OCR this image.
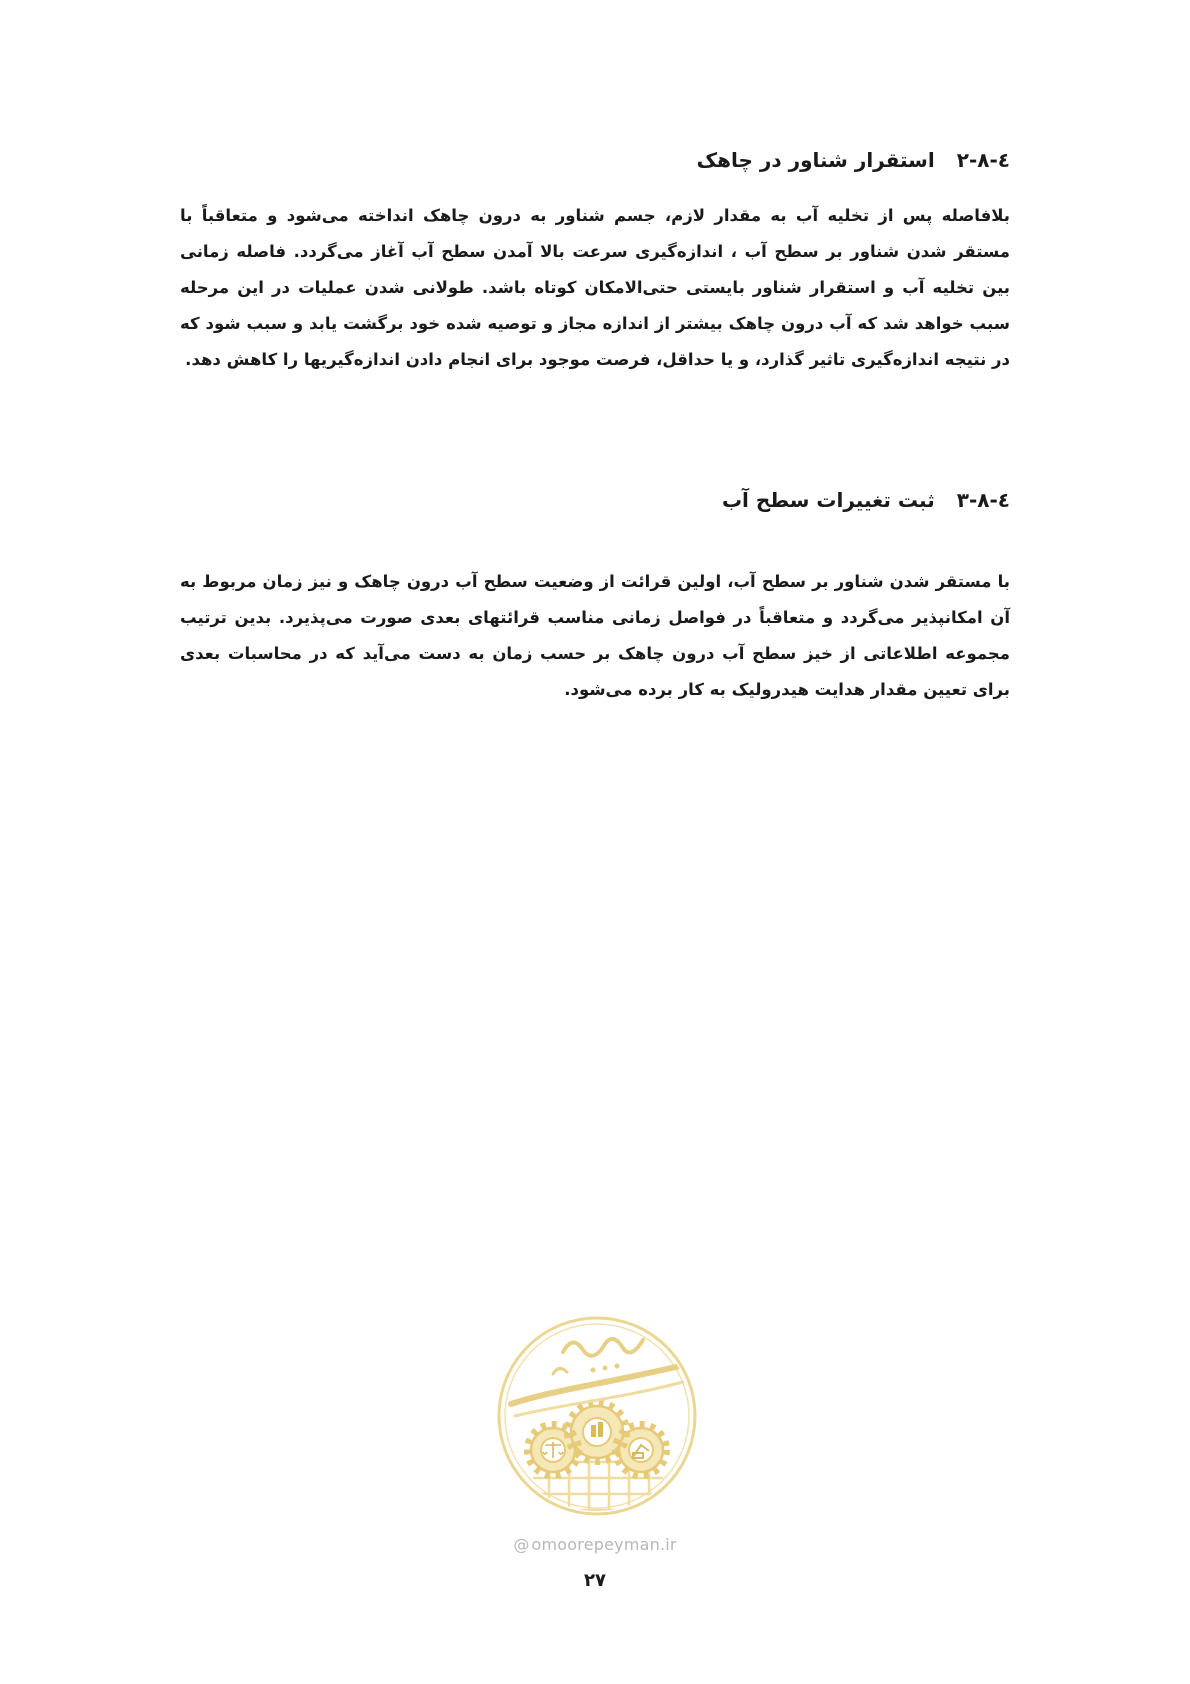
٤-٨-٢استقرار شناور در چاهک
بلافاصله پس از تخلیه آب به مقدار لازم، جسم شناور به درون چاهک انداخته می‌شود و متعاقباً با مستقر شدن شناور بر سطح آب ، اندازه‌گیری سرعت بالا آمدن سطح آب آغاز می‌گردد. فاصله زمانی بین تخلیه آب و استقرار شناور بایستی حتی‌الامکان کوتاه باشد. طولانی شدن عملیات در این مرحله سبب خواهد شد که آب درون چاهک بیشتر از اندازه مجاز و توصیه شده خود برگشت یابد و سبب شود که در نتیجه اندازه‌گیری تاثیر گذارد، و یا حداقل، فرصت موجود برای انجام دادن اندازه‌گیریها را کاهش دهد.
٤-٨-٣ثبت تغییرات سطح آب
با مستقر شدن شناور بر سطح آب، اولین قرائت از وضعیت سطح آب درون چاهک و نیز زمان مربوط به آن امکانپذیر می‌گردد و متعاقباً در فواصل زمانی مناسب قرائتهای بعدی صورت می‌پذیرد. بدین ترتیب مجموعه اطلاعاتی از خیز سطح آب درون چاهک بر حسب زمان به دست می‌آید که در محاسبات بعدی برای تعیین مقدار هدایت هیدرولیک به کار برده می‌شود.
@ omoorepeyman.ir
۲۷
